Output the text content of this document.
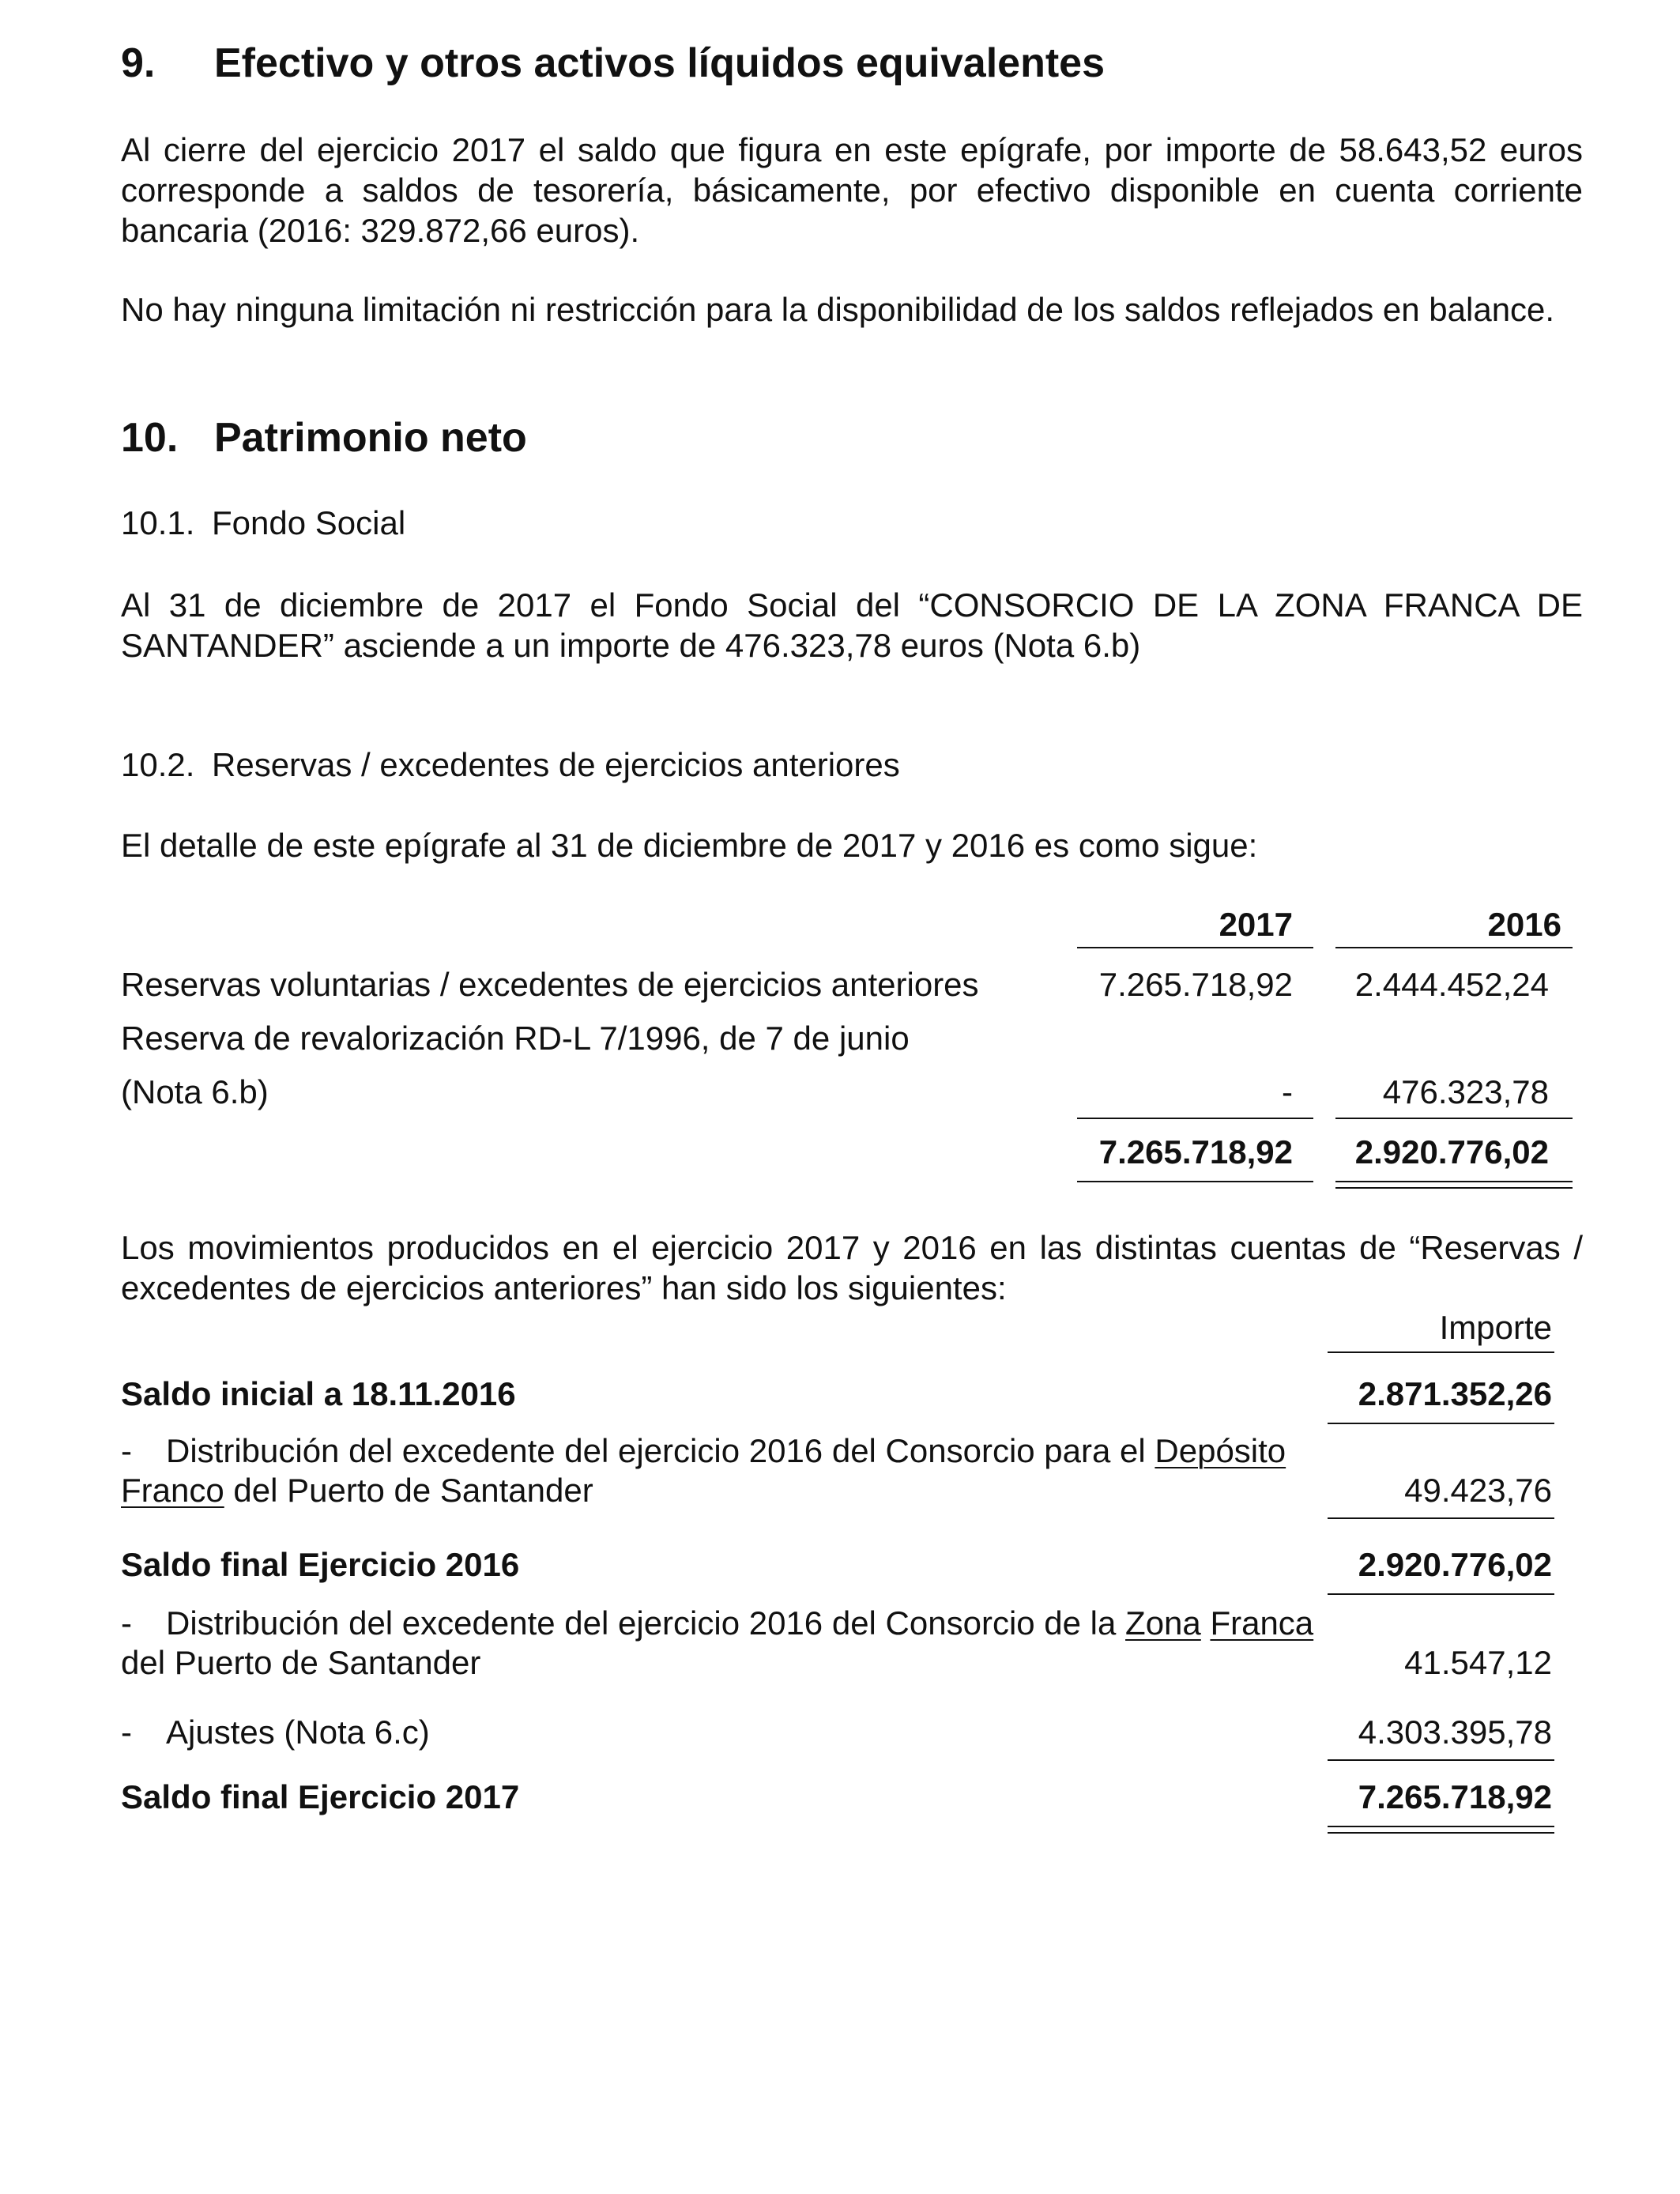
9. Efectivo y otros activos líquidos equivalentes
Al cierre del ejercicio 2017 el saldo que figura en este epígrafe, por importe de 58.643,52 euros
corresponde a saldos de tesorería, básicamente, por efectivo disponible en cuenta corriente
bancaria (2016: 329.872,66 euros).
No hay ninguna limitación ni restricción para la disponibilidad de los saldos reflejados en balance.
10. Patrimonio neto
10.1. Fondo Social
Al 31 de diciembre de 2017 el Fondo Social del “CONSORCIO DE LA ZONA FRANCA DE
SANTANDER” asciende a un importe de 476.323,78 euros (Nota 6.b)
10.2. Reservas / excedentes de ejercicios anteriores
El detalle de este epígrafe al 31 de diciembre de 2017 y 2016 es como sigue:
2017	2016
Reservas voluntarias / excedentes de ejercicios anteriores	7.265.718,92	2.444.452,24
Reserva de revalorización RD-L 7/1996, de 7 de junio
(Nota 6.b)	-	476.323,78
7.265.718,92	2.920.776,02
Los movimientos producidos en el ejercicio 2017 y 2016 en las distintas cuentas de “Reservas /
excedentes de ejercicios anteriores” han sido los siguientes:
Importe
Saldo inicial a 18.11.2016	2.871.352,26
- Distribución del excedente del ejercicio 2016 del Consorcio para el Depósito
Franco del Puerto de Santander	49.423,76
Saldo final Ejercicio 2016	2.920.776,02
- Distribución del excedente del ejercicio 2016 del Consorcio de la Zona Franca
del Puerto de Santander	41.547,12
- Ajustes (Nota 6.c)	4.303.395,78
Saldo final Ejercicio 2017	7.265.718,92
